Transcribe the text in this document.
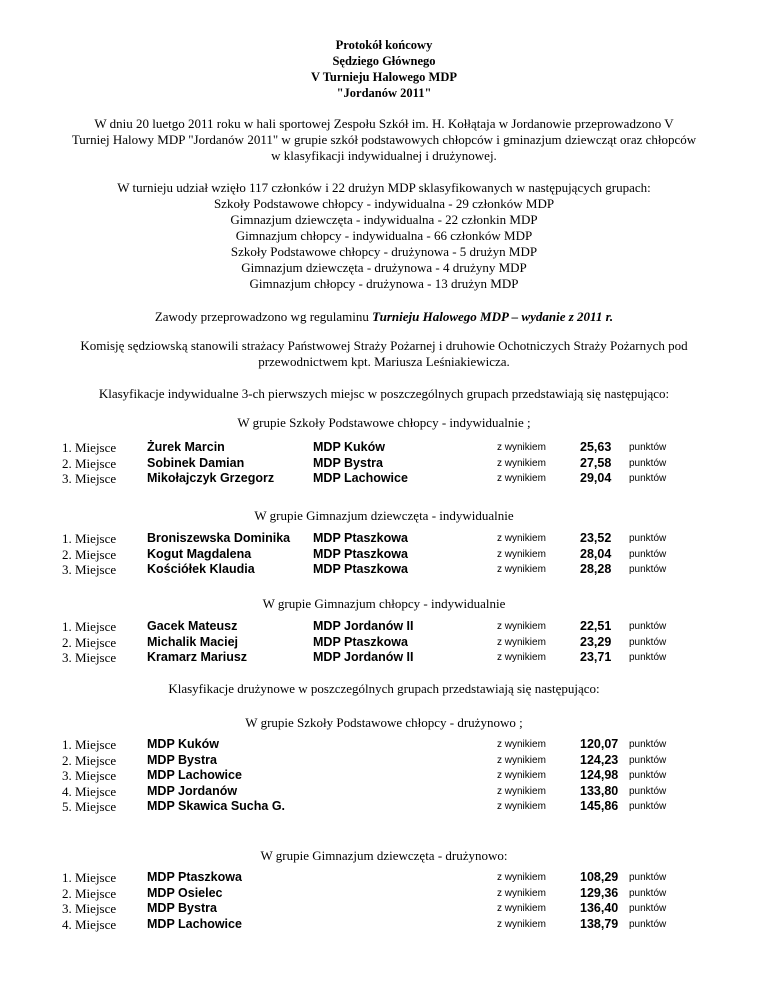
Protokół końcowy
Sędziego Głównego
V Turnieju Halowego MDP
"Jordanów 2011"
W dniu 20 luetgo 2011 roku w hali sportowej Zespołu Szkół im. H. Kołłątaja w Jordanowie przeprowadzono V
Turniej Halowy MDP "Jordanów 2011" w grupie szkół podstawowych chłopców i gminazjum dziewcząt oraz chłopców
w klasyfikacji indywidualnej i drużynowej.
W turnieju udział wzięło 117 członków i 22 drużyn MDP sklasyfikowanych w następujących grupach:
Szkoły Podstawowe chłopcy - indywidualna - 29 członków MDP
Gimnazjum dziewczęta - indywidualna - 22 członkin MDP
Gimnazjum chłopcy - indywidualna - 66 członków MDP
Szkoły Podstawowe chłopcy - drużynowa - 5 drużyn MDP
Gimnazjum dziewczęta - drużynowa - 4 drużyny MDP
Gimnazjum chłopcy - drużynowa - 13 drużyn MDP
Zawody przeprowadzono wg regulaminu Turnieju Halowego MDP – wydanie z 2011 r.
Komisję sędziowską stanowili strażacy Państwowej Straży Pożarnej i druhowie Ochotniczych Straży Pożarnych pod
przewodnictwem kpt. Mariusza Leśniakiewicza.
Klasyfikacje indywidualne 3-ch pierwszych miejsc w poszczególnych grupach przedstawiają się następująco:
W grupie Szkoły Podstawowe chłopcy - indywidualnie ;
1. Miejsce	Żurek Marcin	MDP Kuków	z wynikiem	25,63	punktów
2. Miejsce	Sobinek Damian	MDP Bystra	z wynikiem	27,58	punktów
3. Miejsce	Mikołajczyk Grzegorz	MDP Lachowice	z wynikiem	29,04	punktów
W grupie Gimnazjum dziewczęta - indywidualnie
1. Miejsce	Broniszewska Dominika	MDP Ptaszkowa	z wynikiem	23,52	punktów
2. Miejsce	Kogut Magdalena	MDP Ptaszkowa	z wynikiem	28,04	punktów
3. Miejsce	Kościółek Klaudia	MDP Ptaszkowa	z wynikiem	28,28	punktów
W grupie Gimnazjum chłopcy - indywidualnie
1. Miejsce	Gacek Mateusz	MDP Jordanów II	z wynikiem	22,51	punktów
2. Miejsce	Michalik Maciej	MDP Ptaszkowa	z wynikiem	23,29	punktów
3. Miejsce	Kramarz Mariusz	MDP Jordanów II	z wynikiem	23,71	punktów
Klasyfikacje drużynowe w poszczególnych grupach przedstawiają się następująco:
W grupie Szkoły Podstawowe chłopcy - drużynowo ;
1. Miejsce	MDP Kuków	z wynikiem	120,07	punktów
2. Miejsce	MDP Bystra	z wynikiem	124,23	punktów
3. Miejsce	MDP Lachowice	z wynikiem	124,98	punktów
4. Miejsce	MDP Jordanów	z wynikiem	133,80	punktów
5. Miejsce	MDP Skawica Sucha G.	z wynikiem	145,86	punktów
W grupie Gimnazjum dziewczęta - drużynowo:
1. Miejsce	MDP Ptaszkowa	z wynikiem	108,29	punktów
2. Miejsce	MDP Osielec	z wynikiem	129,36	punktów
3. Miejsce	MDP Bystra	z wynikiem	136,40	punktów
4. Miejsce	MDP Lachowice	z wynikiem	138,79	punktów
